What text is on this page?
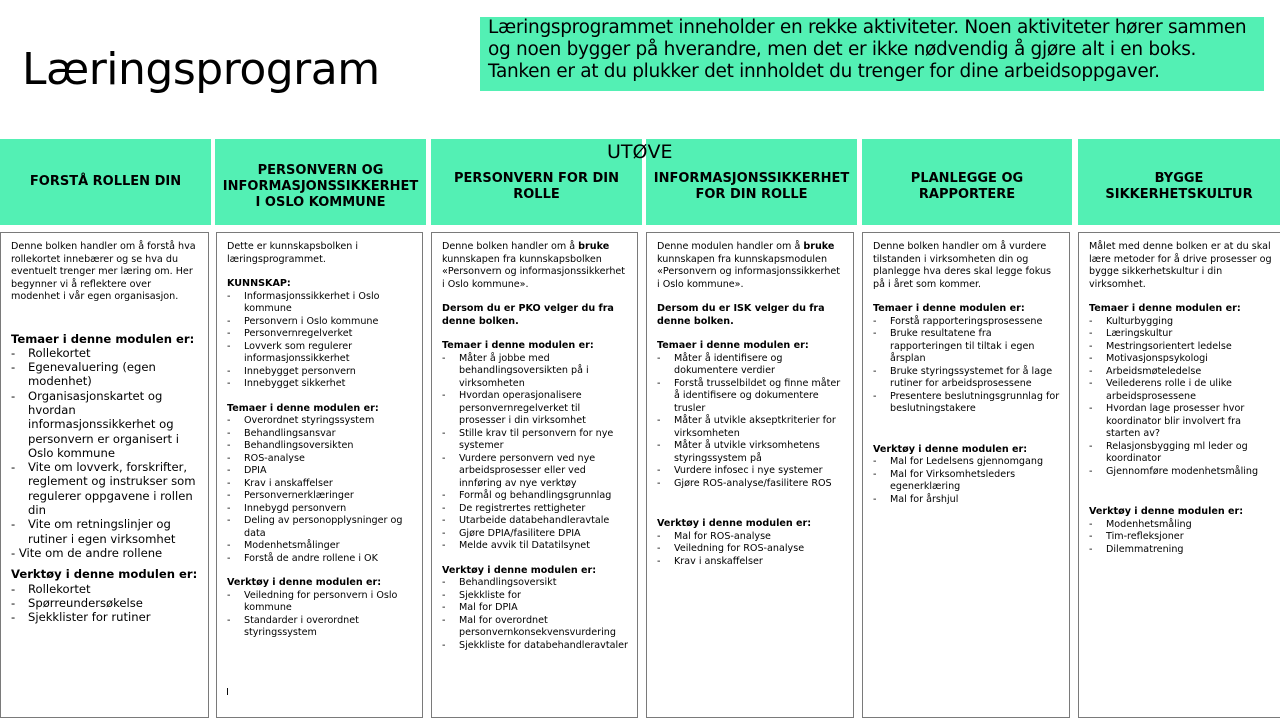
Læringsprogram
Læringsprogrammet inneholder en rekke aktiviteter. Noen aktiviteter hører sammen og noen bygger på hverandre, men det er ikke nødvendig å gjøre alt i en boks. Tanken er at du plukker det innholdet du trenger for dine arbeidsoppgaver.
UTØVE
FORSTÅ ROLLEN DIN

Denne bolken handler om å forstå hva rollekortet innebærer og se hva du eventuelt trenger mer læring om. Her begynner vi å reflektere over modenhet i vår egen organisasjon.

Temaer i denne modulen er:

- Rollekortet
- Egenevaluering (egen modenhet)
- Organisasjonskartet og hvordan informasjonssikkerhet og personvern er organisert i Oslo kommune
- Vite om lovverk, forskrifter, reglement og instrukser som regulerer oppgavene i rollen din
- Vite om retningslinjer og rutiner i egen virksomhet
- Vite om de andre rollene

Verktøy i denne modulen er:

- Rollekortet
- Spørreundersøkelse
- Sjekklister for rutiner
PERSONVERN OG INFORMASJONSSIKKERHET I OSLO KOMMUNE

Dette er kunnskapsbolken i læringsprogrammet.

KUNNSKAP:

- Informasjonssikkerhet i Oslo kommune
- Personvern i Oslo kommune
- Personvernregelverket
- Lovverk som regulerer informasjonssikkerhet
- Innebygget personvern
- Innebygget sikkerhet

Temaer i denne modulen er:

- Overordnet styringssystem
- Behandlingsansvar
- Behandlingsoversikten
- ROS-analyse
- DPIA
- Krav i anskaffelser
- Personvernerklæringer
- Innebygd personvern
- Deling av personopplysninger og data
- Modenhetsmålinger
- Forstå de andre rollene i OK

Verktøy i denne modulen er:

- Veiledning for personvern i Oslo kommune
- Standarder i overordnet styringssystem
I
PERSONVERN FOR DIN ROLLE

Denne bolken handler om å bruke kunnskapen fra kunnskapsbolken «Personvern og informasjonssikkerhet i Oslo kommune».

Dersom du er PKO velger du fra denne bolken.

Temaer i denne modulen er:

- Måter å jobbe med behandlingsoversikten på i virksomheten
- Hvordan operasjonalisere personvernregelverket til prosesser i din virksomhet
- Stille krav til personvern for nye systemer
- Vurdere personvern ved nye arbeidsprosesser eller ved innføring av nye verktøy
- Formål og behandlingsgrunnlag
- De registrertes rettigheter
- Utarbeide databehandleravtale
- Gjøre DPIA/fasilitere DPIA
- Melde avvik til Datatilsynet

Verktøy i denne modulen er:

- Behandlingsoversikt
- Sjekkliste for
- Mal for DPIA
- Mal for overordnet personvernkonsekvensvurdering
- Sjekkliste for databehandleravtaler
INFORMASJONSSIKKERHET FOR DIN ROLLE

Denne modulen handler om å bruke kunnskapen fra kunnskapsmodulen «Personvern og informasjonssikkerhet i Oslo kommune».

Dersom du er ISK velger du fra denne bolken.

Temaer i denne modulen er:

- Måter å identifisere og dokumentere verdier
- Forstå trusselbildet og finne måter å identifisere og dokumentere trusler
- Måter å utvikle akseptkriterier for virksomheten
- Måter å utvikle virksomhetens styringssystem på
- Vurdere infosec i nye systemer
- Gjøre ROS-analyse/fasilitere ROS

Verktøy i denne modulen er:

- Mal for ROS-analyse
- Veiledning for ROS-analyse
- Krav i anskaffelser
PLANLEGGE OG RAPPORTERE

Denne bolken handler om å vurdere tilstanden i virksomheten din og planlegge hva deres skal legge fokus på i året som kommer.

Temaer i denne modulen er:

- Forstå rapporteringsprosessene
- Bruke resultatene fra rapporteringen til tiltak i egen årsplan
- Bruke styringssystemet for å lage rutiner for arbeidsprosessene
- Presentere beslutningsgrunnlag for beslutningstakere

Verktøy i denne modulen er:

- Mal for Ledelsens gjennomgang
- Mal for Virksomhetsleders egenerklæring
- Mal for årshjul
BYGGE SIKKERHETSKULTUR

Målet med denne bolken er at du skal lære metoder for å drive prosesser og bygge sikkerhetskultur i din virksomhet.

Temaer i denne modulen er:

- Kulturbygging
- Læringskultur
- Mestringsorientert ledelse
- Motivasjonspsykologi
- Arbeidsmøteledelse
- Veilederens rolle i de ulike arbeidsprosessene
- Hvordan lage prosesser hvor koordinator blir involvert fra starten av?
- Relasjonsbygging ml leder og koordinator
- Gjennomføre modenhetsmåling

Verktøy i denne modulen er:

- Modenhetsmåling
- Tim-refleksjoner
- Dilemmatrening
